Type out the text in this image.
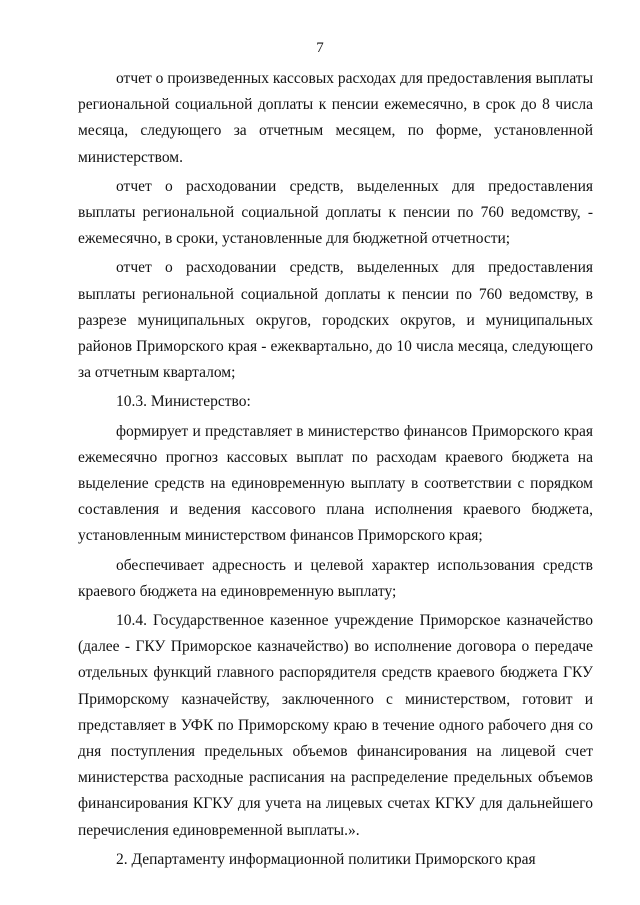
7

отчет о произведенных кассовых расходах для предоставления выплаты региональной социальной доплаты к пенсии ежемесячно, в срок до 8 числа месяца, следующего за отчетным месяцем, по форме, установленной министерством.

отчет о расходовании средств, выделенных для предоставления выплаты региональной социальной доплаты к пенсии по 760 ведомству, - ежемесячно, в сроки, установленные для бюджетной отчетности;

отчет о расходовании средств, выделенных для предоставления выплаты региональной социальной доплаты к пенсии по 760 ведомству, в разрезе муниципальных округов, городских округов, и муниципальных районов Приморского края - ежеквартально, до 10 числа месяца, следующего за отчетным кварталом;

10.3. Министерство:

формирует и представляет в министерство финансов Приморского края ежемесячно прогноз кассовых выплат по расходам краевого бюджета на выделение средств на единовременную выплату в соответствии с порядком составления и ведения кассового плана исполнения краевого бюджета, установленным министерством финансов Приморского края;

обеспечивает адресность и целевой характер использования средств краевого бюджета на единовременную выплату;

10.4. Государственное казенное учреждение Приморское казначейство (далее - ГКУ Приморское казначейство) во исполнение договора о передаче отдельных функций главного распорядителя средств краевого бюджета ГКУ Приморскому казначейству, заключенного с министерством, готовит и представляет в УФК по Приморскому краю в течение одного рабочего дня со дня поступления предельных объемов финансирования на лицевой счет министерства расходные расписания на распределение предельных объемов финансирования КГКУ для учета на лицевых счетах КГКУ для дальнейшего перечисления единовременной выплаты.».

2. Департаменту информационной политики Приморского края
